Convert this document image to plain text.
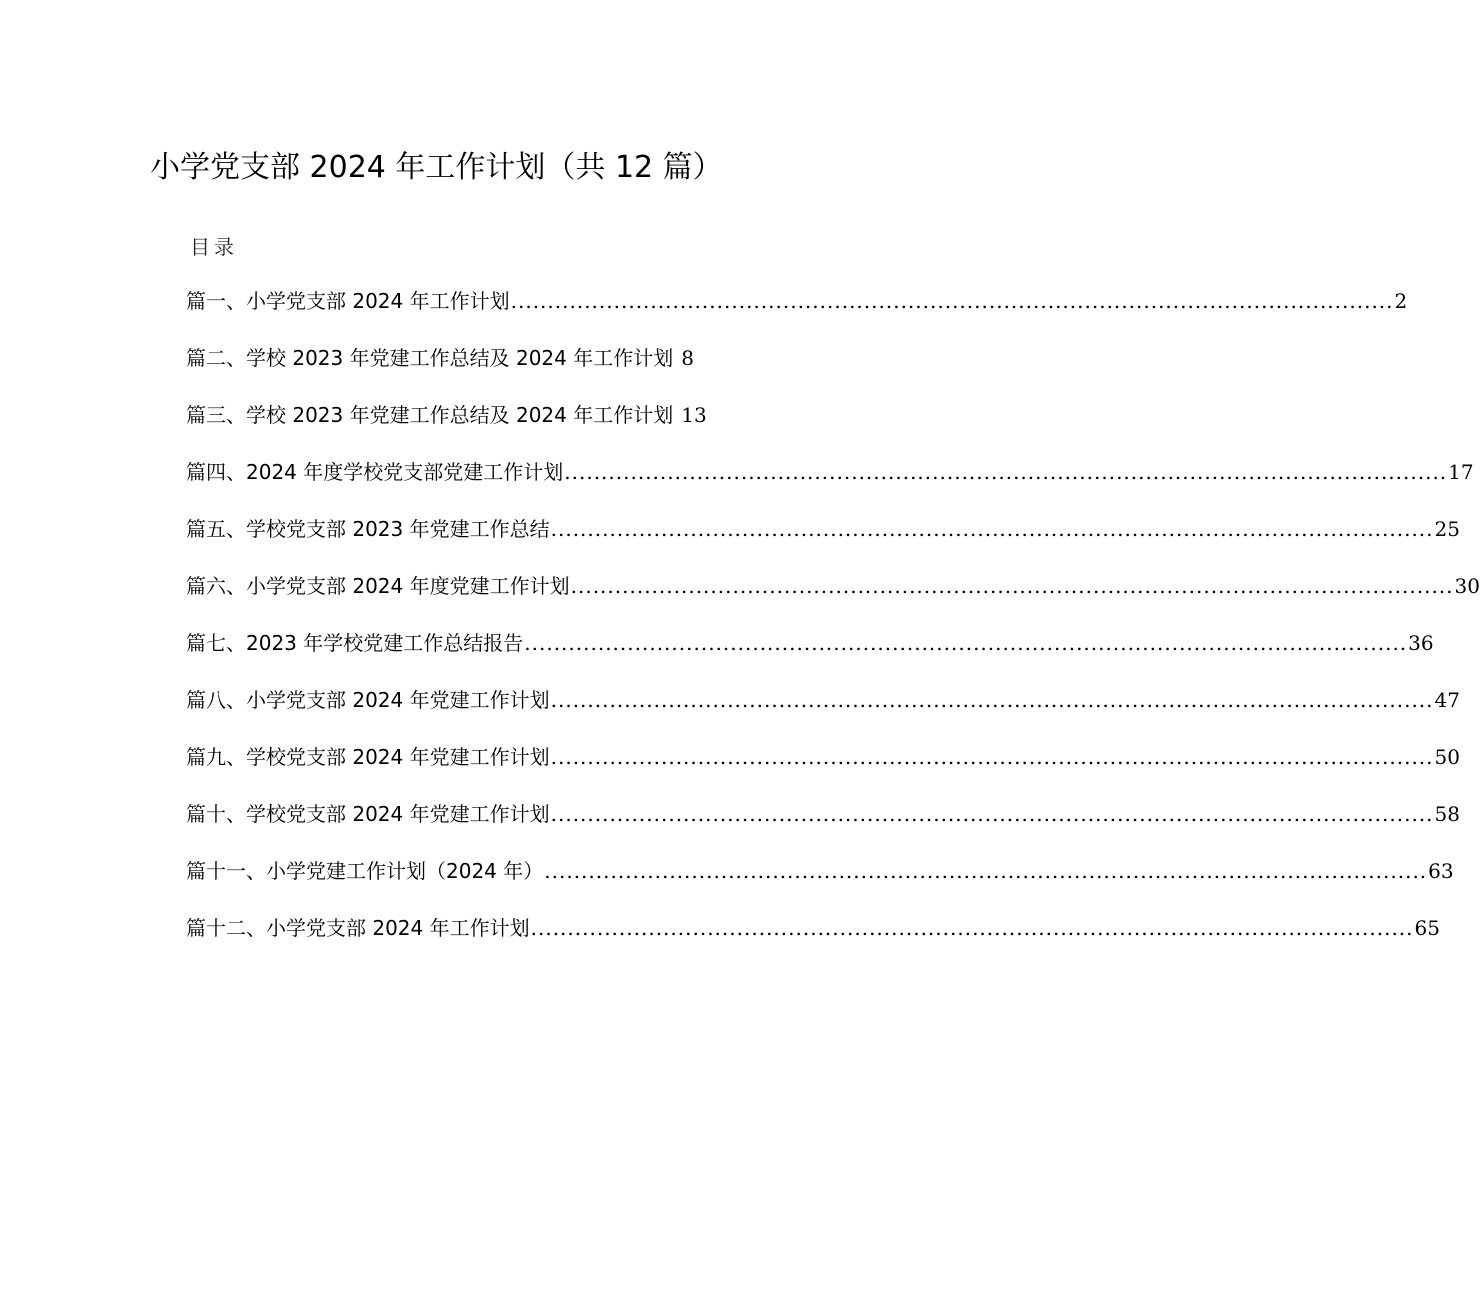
小学党支部 2024 年工作计划（共 12 篇）
目录
篇一、小学党支部 2024 年工作计划 ........................................................................................................................ 2
篇二、学校 2023 年党建工作总结及 2024 年工作计划 8
篇三、学校 2023 年党建工作总结及 2024 年工作计划 13
篇四、2024 年度学校党支部党建工作计划 ........................................................................................................................ 17
篇五、学校党支部 2023 年党建工作总结 ........................................................................................................................ 25
篇六、小学党支部 2024 年度党建工作计划 ........................................................................................................................ 30
篇七、2023 年学校党建工作总结报告 ........................................................................................................................ 36
篇八、小学党支部 2024 年党建工作计划 ........................................................................................................................ 47
篇九、学校党支部 2024 年党建工作计划 ........................................................................................................................ 50
篇十、学校党支部 2024 年党建工作计划 ........................................................................................................................ 58
篇十一、小学党建工作计划（2024 年） ........................................................................................................................ 63
篇十二、小学党支部 2024 年工作计划 ........................................................................................................................ 65
